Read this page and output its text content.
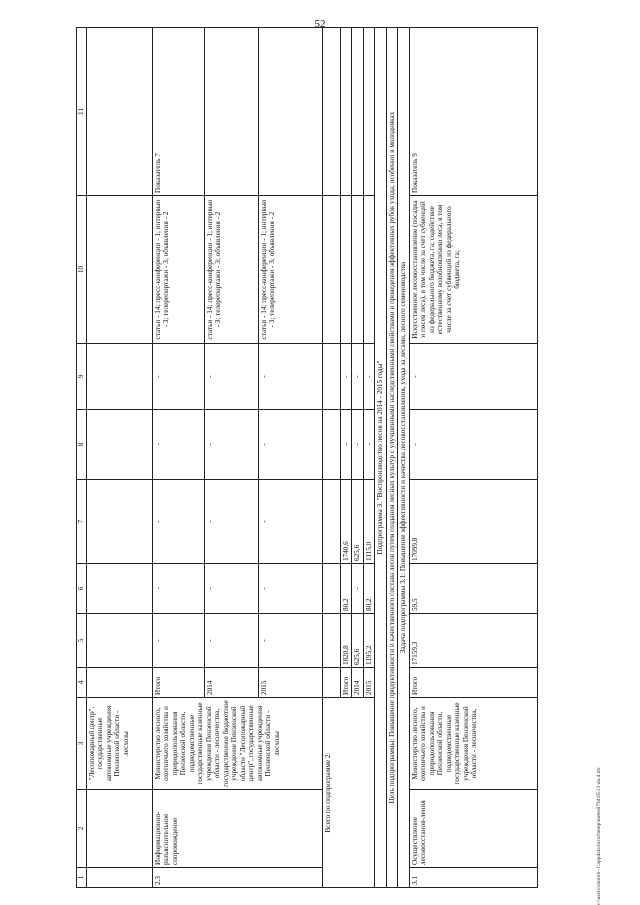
52
1	2	3	4	5	6	7	8	9	10	11
		"Лесопожарный центр", государственные автономные учреждения Пензенской области - лесхозы								
2.3	Информационно-разъяснительное сопровождение	Министерство лесного, охотничьего хозяйства и природопользования Пензенской области, подведомственные государственные казенные учреждения Пензенской области - лесничества, государственное бюджетное учреждение Пензенской области "Лесопожарный центр", государственные автономные учреждения Пензенской области - лесхозы	Итого	-	-	-	-	-	статьи - 14; пресс-конференции - 1; интервью - 3; телерепортажи - 3; объявления - 2	Показатель 7
			2014	-	-	-	-	-	статьи - 14; пресс-конференции - 1; интервью - 3; телерепортажи - 3; объявления - 2	
			2015	-	-	-	-	-	статьи - 14; пресс-конференции - 1; интервью - 3; телерепортажи - 3; объявления - 2	
Всего по подпрограмме 2:										
			Итого	1820,8	80,2	1740,6	-	-		
			2014	625,6	-	625,6	-	-		
			2015	1195,2	80,2	1115,0	-	-		
Подпрограмма 3. "Воспроизводство лесов на 2014 - 2015 годы"										
Цель подпрограммы: Повышение продуктивности и качественного состава лесов путем создания лесных культур с улучшенными наследственными свойствами и проведения эффективных рубок ухода, особенно в молодняках										
Задача подпрограммы 3.1: Повышение эффективности и качества лесовосстановления, ухода за лесами, лесного семеноводства										
3.1	Осуществление лесовосстанов-ления	Министерство лесного, охотничьего хозяйства и природопользования Пензенской области, подведомственные государственные казенные учреждения Пензенской области - лесничества,	Итого	17159,3	59,5	17099,8	-	-	Искусственное лесовосстановление (посадка и посев леса), в том числе за счет субвенций из федерального бюджета, га; содействие естественному возобновлению леса, в том числе за счет субвенций из федерального бюджета, га;	Показатель 9
c:\users\sborob~1\appdata\local\temp\notes8794\0513-zn.d.rtx
